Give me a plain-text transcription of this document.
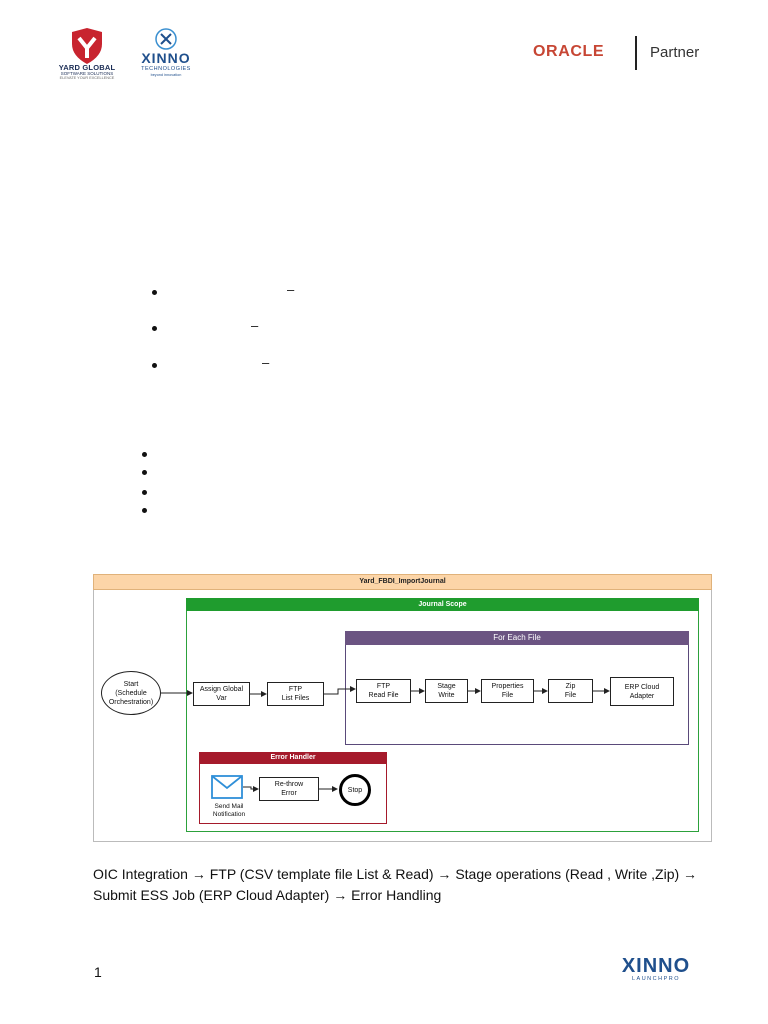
YARD GLOBAL
SOFTWARE SOLUTIONS
ELEVATE YOUR EXCELLENCE
XINNO
TECHNOLOGIES
beyond innovation
ORACLE	Partner
–
–
–
Yard_FBDI_ImportJournal
Journal Scope
For Each File
Error Handler
Start
(Schedule
Orchestration)
Assign Global
Var
FTP
List Files
FTP
Read File
Stage
Write
Properties
File
Zip
File
ERP Cloud
Adapter
Send Mail
Notification
Re-throw
Error	Stop
OIC Integration → FTP (CSV template file List & Read) → Stage operations (Read , Write ,Zip) → Submit ESS Job (ERP Cloud Adapter) → Error Handling
1	XINNO
LAUNCHPRO
